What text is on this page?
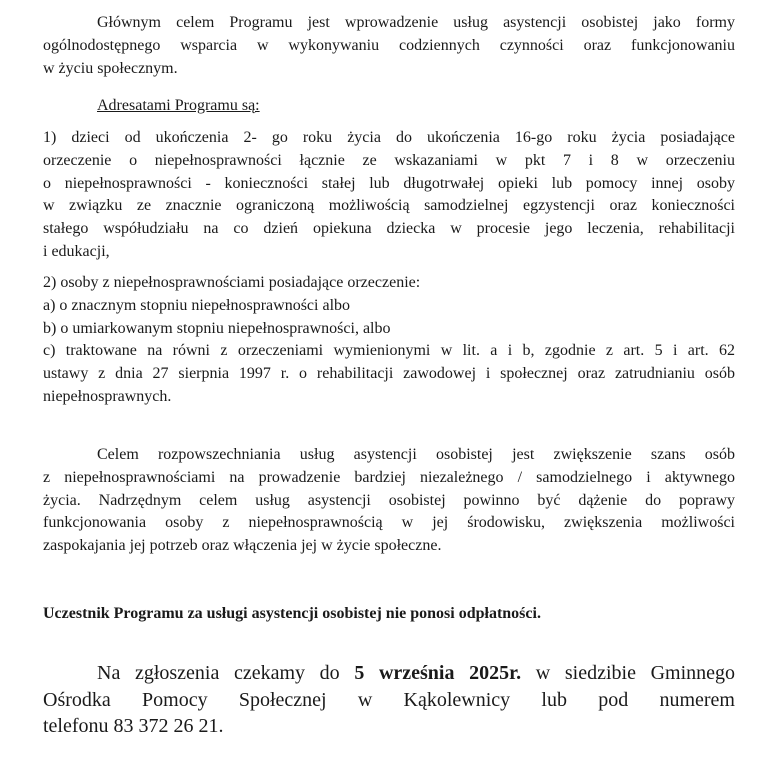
Głównym celem Programu jest wprowadzenie usług asystencji osobistej jako formy
ogólnodostępnego wsparcia w wykonywaniu codziennych czynności oraz funkcjonowaniu
w życiu społecznym.

Adresatami Programu są:

1) dzieci od ukończenia 2- go roku życia do ukończenia 16-go roku życia posiadające
orzeczenie o niepełnosprawności łącznie ze wskazaniami w pkt 7 i 8 w orzeczeniu
o niepełnosprawności - konieczności stałej lub długotrwałej opieki lub pomocy innej osoby
w związku ze znacznie ograniczoną możliwością samodzielnej egzystencji oraz konieczności
stałego współudziału na co dzień opiekuna dziecka w procesie jego leczenia, rehabilitacji
i edukacji,
2) osoby z niepełnosprawnościami posiadające orzeczenie:
a) o znacznym stopniu niepełnosprawności albo
b) o umiarkowanym stopniu niepełnosprawności, albo
c) traktowane na równi z orzeczeniami wymienionymi w lit. a i b, zgodnie z art. 5 i art. 62
ustawy z dnia 27 sierpnia 1997 r. o rehabilitacji zawodowej i społecznej oraz zatrudnianiu osób
niepełnosprawnych.
Celem rozpowszechniania usług asystencji osobistej jest zwiększenie szans osób
z niepełnosprawnościami na prowadzenie bardziej niezależnego / samodzielnego i aktywnego
życia. Nadrzędnym celem usług asystencji osobistej powinno być dążenie do poprawy
funkcjonowania osoby z niepełnosprawnością w jej środowisku, zwiększenia możliwości
zaspokajania jej potrzeb oraz włączenia jej w życie społeczne.

Uczestnik Programu za usługi asystencji osobistej nie ponosi odpłatności.

Na zgłoszenia czekamy do 5 września 2025r. w siedzibie Gminnego
Ośrodka Pomocy Społecznej w Kąkolewnicy lub pod numerem
telefonu 83 372 26 21.
